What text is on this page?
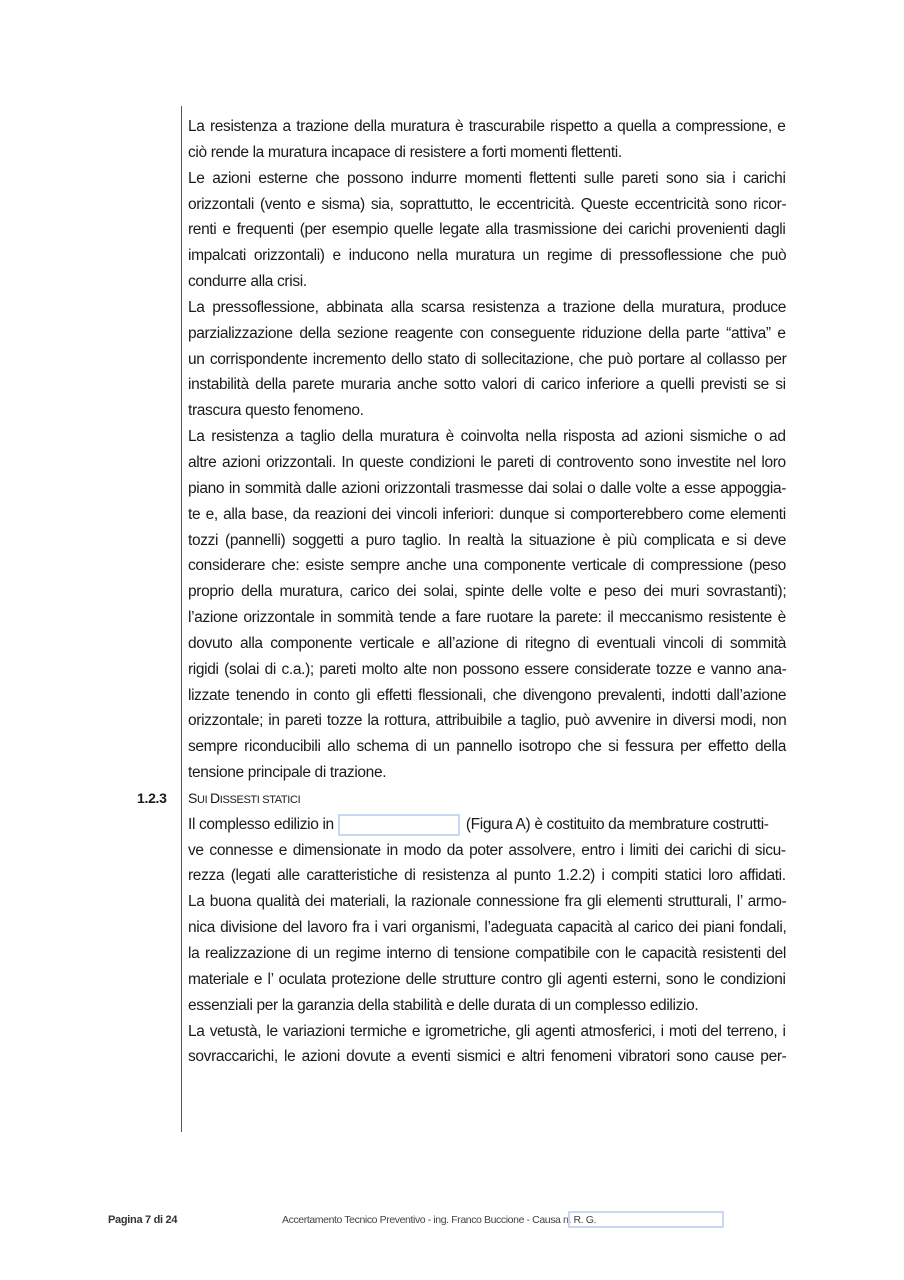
La resistenza a trazione della muratura è trascurabile rispetto a quella a compressione, e
ciò rende la muratura incapace di resistere a forti momenti flettenti.
Le azioni esterne che possono indurre momenti flettenti sulle pareti sono sia i carichi
orizzontali (vento e sisma) sia, soprattutto, le eccentricità. Queste eccentricità sono ricor-
renti e frequenti (per esempio quelle legate alla trasmissione dei carichi provenienti dagli
impalcati orizzontali) e inducono nella muratura un regime di pressoflessione che può
condurre alla crisi.
La pressoflessione, abbinata alla scarsa resistenza a trazione della muratura, produce
parzializzazione della sezione reagente con conseguente riduzione della parte “attiva” e
un corrispondente incremento dello stato di sollecitazione, che può portare al collasso per
instabilità della parete muraria anche sotto valori di carico inferiore a quelli previsti se si
trascura questo fenomeno.
La resistenza a taglio della muratura è coinvolta nella risposta ad azioni sismiche o ad
altre azioni orizzontali. In queste condizioni le pareti di controvento sono investite nel loro
piano in sommità dalle azioni orizzontali trasmesse dai solai o dalle volte a esse appoggia-
te e, alla base, da reazioni dei vincoli inferiori: dunque si comporterebbero come elementi
tozzi (pannelli) soggetti a puro taglio. In realtà la situazione è più complicata e si deve
considerare che: esiste sempre anche una componente verticale di compressione (peso
proprio della muratura, carico dei solai, spinte delle volte e peso dei muri sovrastanti);
l’azione orizzontale in sommità tende a fare ruotare la parete: il meccanismo resistente è
dovuto alla componente verticale e all’azione di ritegno di eventuali vincoli di sommità
rigidi (solai di c.a.); pareti molto alte non possono essere considerate tozze e vanno ana-
lizzate tenendo in conto gli effetti flessionali, che divengono prevalenti, indotti dall’azione
orizzontale; in pareti tozze la rottura, attribuibile a taglio, può avvenire in diversi modi, non
sempre riconducibili allo schema di un pannello isotropo che si fessura per effetto della
tensione principale di trazione.
1.2.3 SUI DISSESTI STATICI
Il complesso edilizio in	(Figura A) è costituito da membrature costrutti-
ve connesse e dimensionate in modo da poter assolvere, entro i limiti dei carichi di sicu-
rezza (legati alle caratteristiche di resistenza al punto 1.2.2) i compiti statici loro affidati.
La buona qualità dei materiali, la razionale connessione fra gli elementi strutturali, l’ armo-
nica divisione del lavoro fra i vari organismi, l’adeguata capacità al carico dei piani fondali,
la realizzazione di un regime interno di tensione compatibile con le capacità resistenti del
materiale e l’ oculata protezione delle strutture contro gli agenti esterni, sono le condizioni
essenziali per la garanzia della stabilità e delle durata di un complesso edilizio.
La vetustà, le variazioni termiche e igrometriche, gli agenti atmosferici, i moti del terreno, i
sovraccarichi, le azioni dovute a eventi sismici e altri fenomeni vibratori sono cause per-
Pagina 7 di 24	Accertamento Tecnico Preventivo - ing. Franco Buccione - Causa n. R. G.
